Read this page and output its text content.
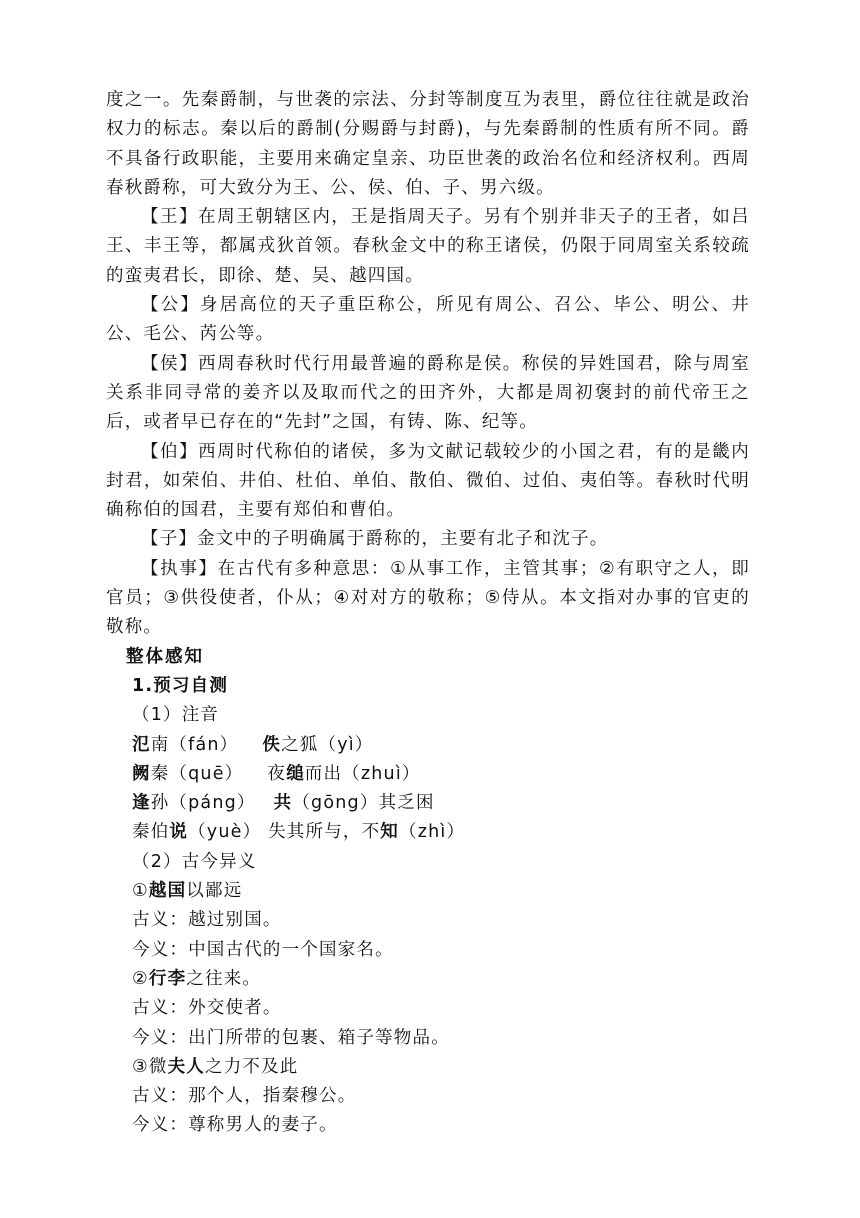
度之一。先秦爵制，与世袭的宗法、分封等制度互为表里，爵位往往就是政治权力的标志。秦以后的爵制(分赐爵与封爵)，与先秦爵制的性质有所不同。爵不具备行政职能，主要用来确定皇亲、功臣世袭的政治名位和经济权利。西周春秋爵称，可大致分为王、公、侯、伯、子、男六级。

【王】在周王朝辖区内，王是指周天子。另有个别并非天子的王者，如吕王、丰王等，都属戎狄首领。春秋金文中的称王诸侯，仍限于同周室关系较疏的蛮夷君长，即徐、楚、吴、越四国。

【公】身居高位的天子重臣称公，所见有周公、召公、毕公、明公、井公、毛公、芮公等。

【侯】西周春秋时代行用最普遍的爵称是侯。称侯的异姓国君，除与周室关系非同寻常的姜齐以及取而代之的田齐外，大都是周初褒封的前代帝王之后，或者早已存在的“先封”之国，有铸、陈、纪等。

【伯】西周时代称伯的诸侯，多为文献记载较少的小国之君，有的是畿内封君，如荣伯、井伯、杜伯、单伯、散伯、微伯、过伯、夷伯等。春秋时代明确称伯的国君，主要有郑伯和曹伯。

【子】金文中的子明确属于爵称的，主要有北子和沈子。

【执事】在古代有多种意思：①从事工作，主管其事；②有职守之人，即官员；③供役使者，仆从；④对对方的敬称；⑤侍从。本文指对办事的官吏的敬称。

整体感知

1.预习自测

（1）注音

氾南（fán） 佚之狐（yì）

阙秦（quē） 夜缒而出（zhuì）

逢孙（páng） 共（gōng）其乏困

秦伯说（yuè） 失其所与，不知（zhì）

（2）古今异义

①越国以鄙远

古义：越过别国。

今义：中国古代的一个国家名。

②行李之往来。

古义：外交使者。

今义：出门所带的包裹、箱子等物品。

③微夫人之力不及此

古义：那个人，指秦穆公。

今义：尊称男人的妻子。
